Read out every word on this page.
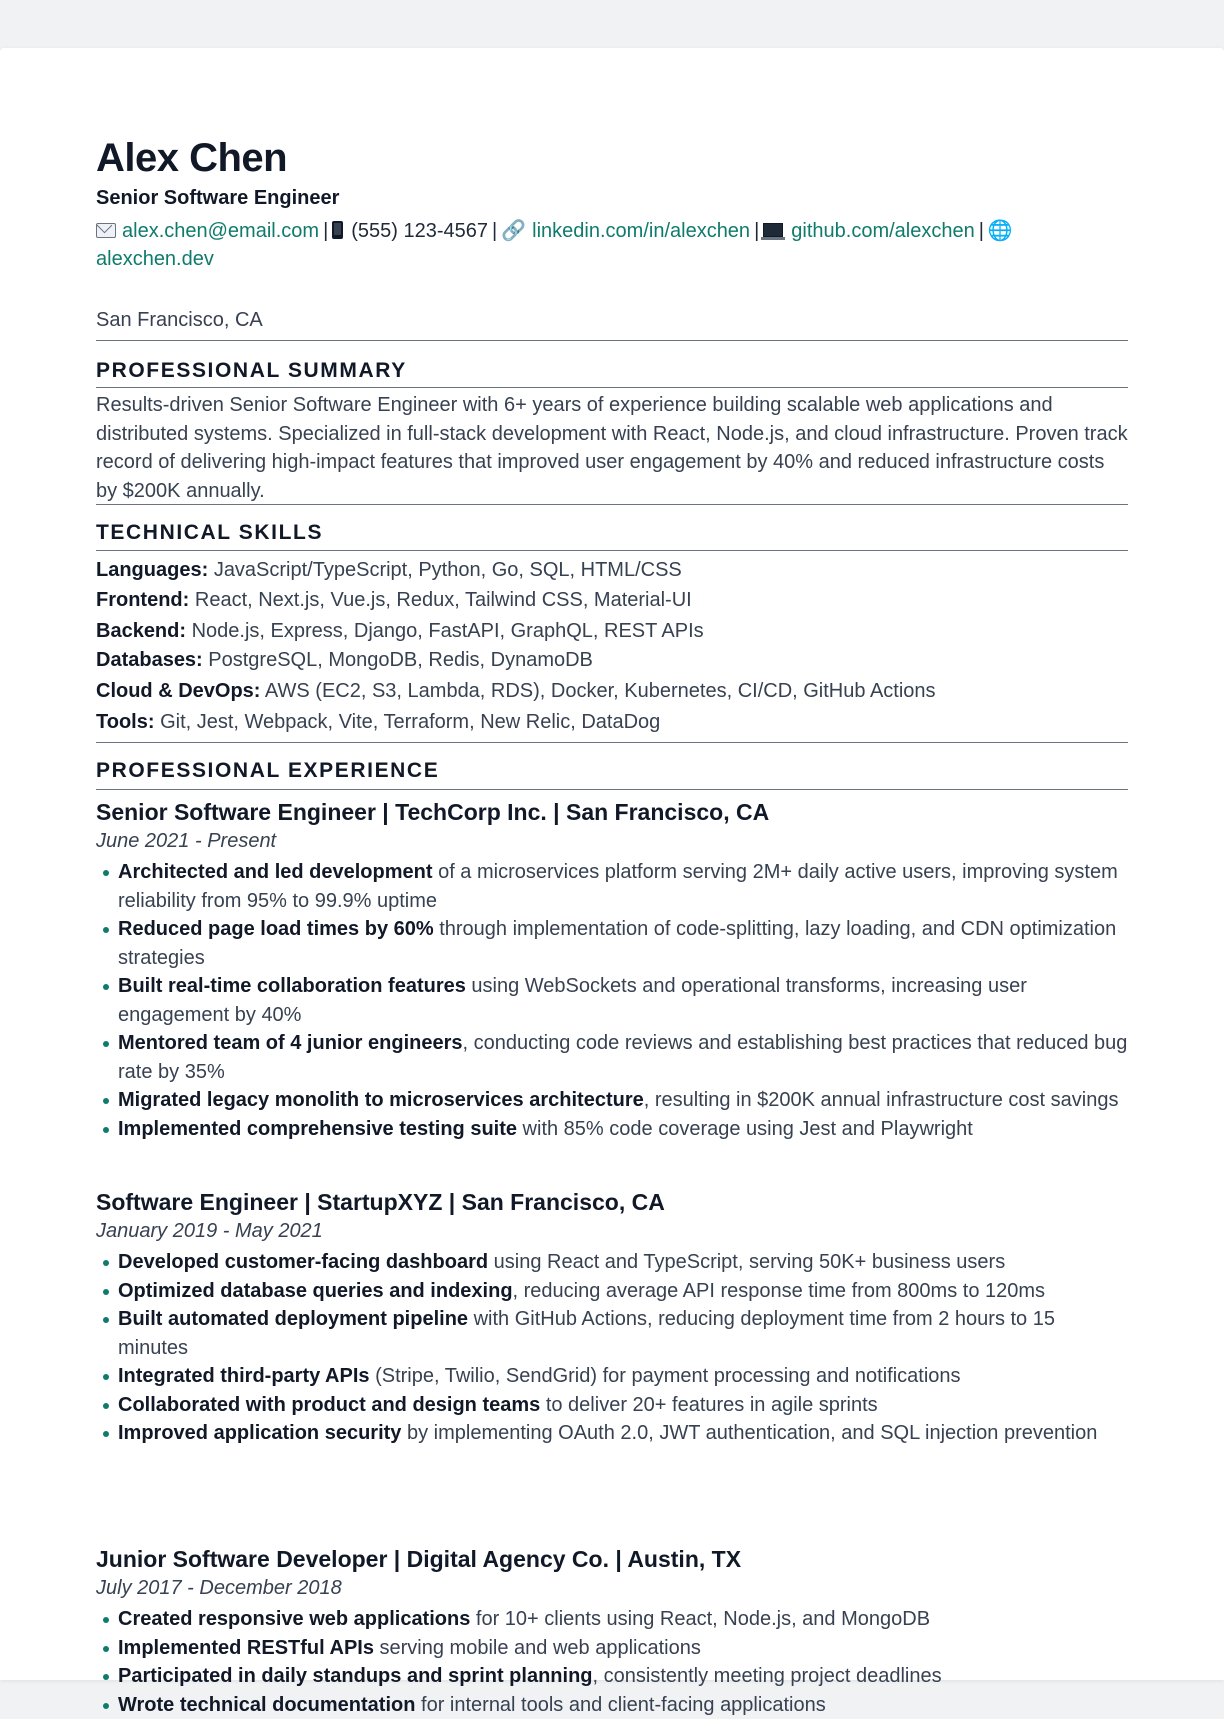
Alex Chen
Senior Software Engineer
alex.chen@email.com | (555) 123-4567 | 🔗 linkedin.com/in/alexchen | github.com/alexchen | 🌐
alexchen.dev
San Francisco, CA
PROFESSIONAL SUMMARY
Results-driven Senior Software Engineer with 6+ years of experience building scalable web applications and distributed systems. Specialized in full-stack development with React, Node.js, and cloud infrastructure. Proven track record of delivering high-impact features that improved user engagement by 40% and reduced infrastructure costs by $200K annually.
TECHNICAL SKILLS
Languages: JavaScript/TypeScript, Python, Go, SQL, HTML/CSS
Frontend: React, Next.js, Vue.js, Redux, Tailwind CSS, Material-UI
Backend: Node.js, Express, Django, FastAPI, GraphQL, REST APIs
Databases: PostgreSQL, MongoDB, Redis, DynamoDB
Cloud & DevOps: AWS (EC2, S3, Lambda, RDS), Docker, Kubernetes, CI/CD, GitHub Actions
Tools: Git, Jest, Webpack, Vite, Terraform, New Relic, DataDog
PROFESSIONAL EXPERIENCE
Senior Software Engineer | TechCorp Inc. | San Francisco, CA
June 2021 - Present
Architected and led development of a microservices platform serving 2M+ daily active users, improving system reliability from 95% to 99.9% uptime
Reduced page load times by 60% through implementation of code-splitting, lazy loading, and CDN optimization strategies
Built real-time collaboration features using WebSockets and operational transforms, increasing user engagement by 40%
Mentored team of 4 junior engineers, conducting code reviews and establishing best practices that reduced bug rate by 35%
Migrated legacy monolith to microservices architecture, resulting in $200K annual infrastructure cost savings
Implemented comprehensive testing suite with 85% code coverage using Jest and Playwright
Software Engineer | StartupXYZ | San Francisco, CA
January 2019 - May 2021
Developed customer-facing dashboard using React and TypeScript, serving 50K+ business users
Optimized database queries and indexing, reducing average API response time from 800ms to 120ms
Built automated deployment pipeline with GitHub Actions, reducing deployment time from 2 hours to 15 minutes
Integrated third-party APIs (Stripe, Twilio, SendGrid) for payment processing and notifications
Collaborated with product and design teams to deliver 20+ features in agile sprints
Improved application security by implementing OAuth 2.0, JWT authentication, and SQL injection prevention
Junior Software Developer | Digital Agency Co. | Austin, TX
July 2017 - December 2018
Created responsive web applications for 10+ clients using React, Node.js, and MongoDB
Implemented RESTful APIs serving mobile and web applications
Participated in daily standups and sprint planning, consistently meeting project deadlines
Wrote technical documentation for internal tools and client-facing applications
